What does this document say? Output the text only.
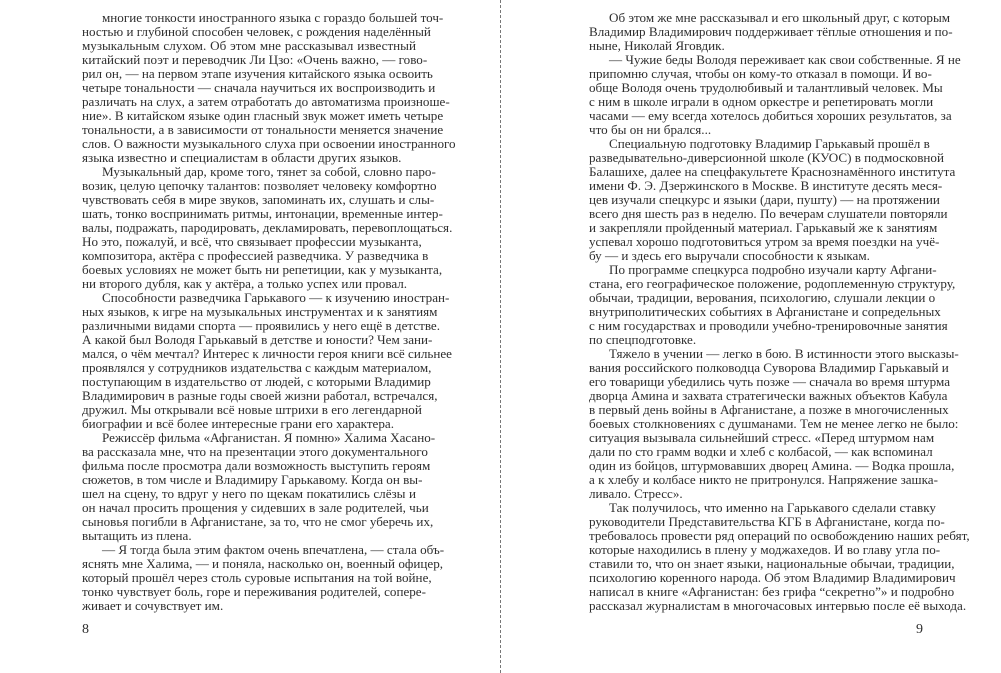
многие тонкости иностранного языка с гораздо большей точ-
ностью и глубиной способен человек, с рождения наделённый
музыкальным слухом. Об этом мне рассказывал известный
китайский поэт и переводчик Ли Цзо: «Очень важно, — гово-
рил он, — на первом этапе изучения китайского языка освоить
четыре тональности — сначала научиться их воспроизводить и
различать на слух, а затем отработать до автоматизма произноше-
ние». В китайском языке один гласный звук может иметь четыре
тональности, а в зависимости от тональности меняется значение
слов. О важности музыкального слуха при освоении иностранного
языка известно и специалистам в области других языков.
Музыкальный дар, кроме того, тянет за собой, словно паро-
возик, целую цепочку талантов: позволяет человеку комфортно
чувствовать себя в мире звуков, запоминать их, слушать и слы-
шать, тонко воспринимать ритмы, интонации, временные интер-
валы, подражать, пародировать, декламировать, перевоплощаться.
Но это, пожалуй, и всё, что связывает профессии музыканта,
композитора, актёра с профессией разведчика. У разведчика в
боевых условиях не может быть ни репетиции, как у музыканта,
ни второго дубля, как у актёра, а только успех или провал.
Способности разведчика Гарькавого — к изучению иностран-
ных языков, к игре на музыкальных инструментах и к занятиям
различными видами спорта — проявились у него ещё в детстве.
А какой был Володя Гарькавый в детстве и юности? Чем зани-
мался, о чём мечтал? Интерес к личности героя книги всё сильнее
проявлялся у сотрудников издательства с каждым материалом,
поступающим в издательство от людей, с которыми Владимир
Владимирович в разные годы своей жизни работал, встречался,
дружил. Мы открывали всё новые штрихи в его легендарной
биографии и всё более интересные грани его характера.
Режиссёр фильма «Афганистан. Я помню» Халима Хасано-
ва рассказала мне, что на презентации этого документального
фильма после просмотра дали возможность выступить героям
сюжетов, в том числе и Владимиру Гарькавому. Когда он вы-
шел на сцену, то вдруг у него по щекам покатились слёзы и
он начал просить прощения у сидевших в зале родителей, чьи
сыновья погибли в Афганистане, за то, что не смог уберечь их,
вытащить из плена.
— Я тогда была этим фактом очень впечатлена, — стала объ-
яснять мне Халима, — и поняла, насколько он, военный офицер,
который прошёл через столь суровые испытания на той войне,
тонко чувствует боль, горе и переживания родителей, сопере-
живает и сочувствует им.
Об этом же мне рассказывал и его школьный друг, с которым
Владимир Владимирович поддерживает тёплые отношения и по-
ныне, Николай Яговдик.
— Чужие беды Володя переживает как свои собственные. Я не
припомню случая, чтобы он кому-то отказал в помощи. И во-
обще Володя очень трудолюбивый и талантливый человек. Мы
с ним в школе играли в одном оркестре и репетировать могли
часами — ему всегда хотелось добиться хороших результатов, за
что бы он ни брался...
Специальную подготовку Владимир Гарькавый прошёл в
разведывательно-диверсионной школе (КУОС) в подмосковной
Балашихе, далее на спецфакультете Краснознамённого института
имени Ф. Э. Дзержинского в Москве. В институте десять меся-
цев изучали спецкурс и языки (дари, пушту) — на протяжении
всего дня шесть раз в неделю. По вечерам слушатели повторяли
и закрепляли пройденный материал. Гарькавый же к занятиям
успевал хорошо подготовиться утром за время поездки на учё-
бу — и здесь его выручали способности к языкам.
По программе спецкурса подробно изучали карту Афгани-
стана, его географическое положение, родоплеменную структуру,
обычаи, традиции, верования, психологию, слушали лекции о
внутриполитических событиях в Афганистане и сопредельных
с ним государствах и проводили учебно-тренировочные занятия
по спецподготовке.
Тяжело в учении — легко в бою. В истинности этого высказы-
вания российского полководца Суворова Владимир Гарькавый и
его товарищи убедились чуть позже — сначала во время штурма
дворца Амина и захвата стратегически важных объектов Кабула
в первый день войны в Афганистане, а позже в многочисленных
боевых столкновениях с душманами. Тем не менее легко не было:
ситуация вызывала сильнейший стресс. «Перед штурмом нам
дали по сто грамм водки и хлеб с колбасой, — как вспоминал
один из бойцов, штурмовавших дворец Амина. — Водка прошла,
а к хлебу и колбасе никто не притронулся. Напряжение зашка-
ливало. Стресс».
Так получилось, что именно на Гарькавого сделали ставку
руководители Представительства КГБ в Афганистане, когда по-
требовалось провести ряд операций по освобождению наших ребят,
которые находились в плену у моджахедов. И во главу угла по-
ставили то, что он знает языки, национальные обычаи, традиции,
психологию коренного народа. Об этом Владимир Владимирович
написал в книге «Афганистан: без грифа “секретно”» и подробно
рассказал журналистам в многочасовых интервью после её выхода.
8	9
